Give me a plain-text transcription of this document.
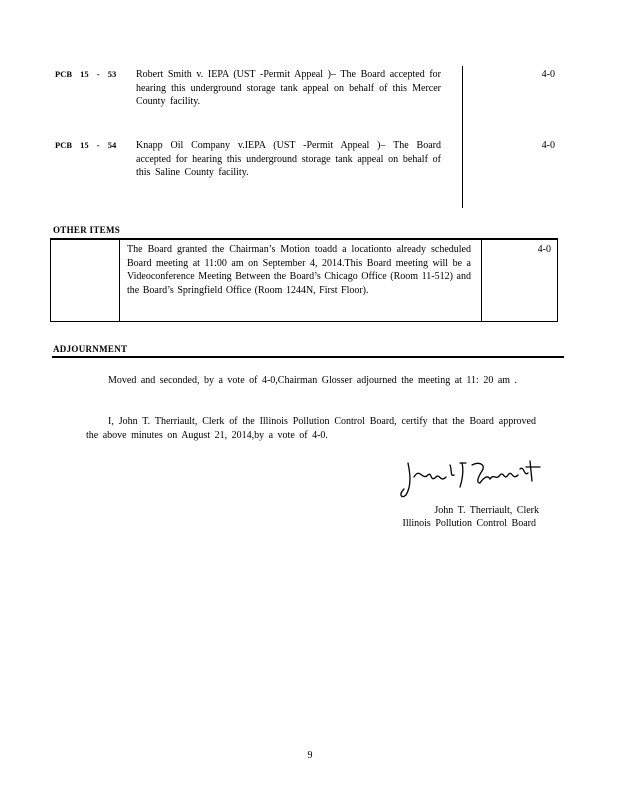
PCB 15 - 53 Robert Smith v. IEPA (UST -Permit Appeal )– The Board accepted for hearing this underground storage tank appeal on behalf of this Mercer County facility.
4-0
PCB 15 - 54 Knapp Oil Company v.IEPA (UST -Permit Appeal )– The Board accepted for hearing this underground storage tank appeal on behalf of this Saline County facility.
4-0
OTHER ITEMS
The Board granted the Chairman’s Motion toadd a locationto already scheduled Board meeting at 11:00 am on September 4, 2014.This Board meeting will be a Videoconference Meeting Between the Board’s Chicago Office (Room 11-512) and the Board’s Springfield Office (Room 1244N, First Floor).
4-0
ADJOURNMENT
Moved and seconded, by a vote of 4-0,Chairman Glosser adjourned the meeting at 11: 20 am .
I, John T. Therriault, Clerk of the Illinois Pollution Control Board, certify that the Board approved the above minutes on August 21, 2014,by a vote of 4-0.
John T. Therriault, Clerk
Illinois Pollution Control Board
9
